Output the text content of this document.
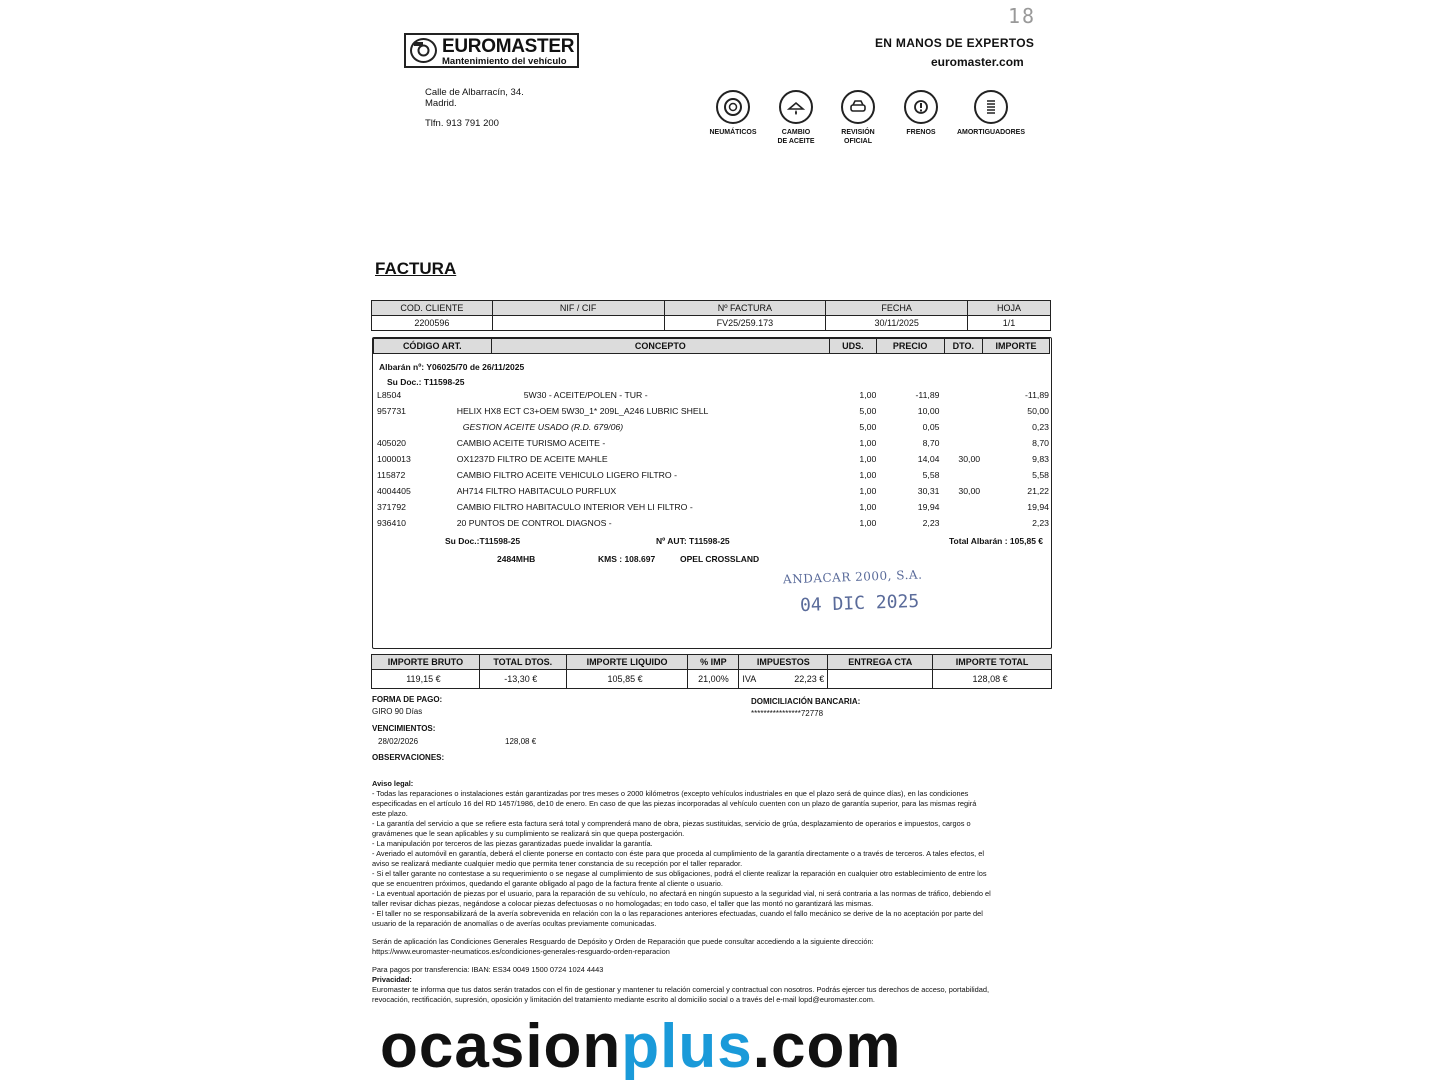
18
EUROMASTER
Mantenimiento del vehículo
EN MANOS DE EXPERTOS
euromaster.com
Calle de Albarracín, 34.
Madrid.
Tlfn. 913 791 200
NEUMÁTICOS	CAMBIO
DE ACEITE
REVISIÓN
OFICIAL
FRENOS	AMORTIGUADORES
FACTURA
COD. CLIENTE	NIF / CIF	Nº FACTURA	FECHA	HOJA
2200596		FV25/259.173	30/11/2025	1/1
CÓDIGO ART.	CONCEPTO	UDS.	PRECIO	DTO.	IMPORTE
Albarán nº: Y06025/70 de 26/11/2025
Su Doc.: T11598-25
L8504	5W30 - ACEITE/POLEN - TUR -	1,00	-11,89		-11,89
957731	HELIX HX8 ECT C3+OEM 5W30_1* 209L_A246 LUBRIC SHELL	5,00	10,00		50,00
	GESTION ACEITE USADO (R.D. 679/06)	5,00	0,05		0,23
405020	CAMBIO ACEITE TURISMO ACEITE -	1,00	8,70		8,70
1000013	OX1237D FILTRO DE ACEITE MAHLE	1,00	14,04	30,00	9,83
115872	CAMBIO FILTRO ACEITE VEHICULO LIGERO FILTRO -	1,00	5,58		5,58
4004405	AH714 FILTRO HABITACULO PURFLUX	1,00	30,31	30,00	21,22
371792	CAMBIO FILTRO HABITACULO INTERIOR VEH LI FILTRO -	1,00	19,94		19,94
936410	20 PUNTOS DE CONTROL DIAGNOS -	1,00	2,23		2,23
Su Doc.:T11598-25	Nº AUT: T11598-25	Total Albarán : 105,85 €
2484MHB	KMS : 108.697	OPEL CROSSLAND
ANDACAR 2000, S.A.
04 DIC 2025
IMPORTE BRUTO	TOTAL DTOS.	IMPORTE LIQUIDO	% IMP	IMPUESTOS	ENTREGA CTA	IMPORTE TOTAL
119,15 €	-13,30 €	105,85 €	21,00%	IVA 22,23 €		128,08 €
FORMA DE PAGO:
GIRO 90 Días
DOMICILIACIÓN BANCARIA:
****************72778
VENCIMIENTOS:
28/02/2026	128,08 €
OBSERVACIONES:

Aviso legal:

- Todas las reparaciones o instalaciones están garantizadas por tres meses o 2000 kilómetros (excepto vehículos industriales en que el plazo será de quince días), en las condiciones especificadas en el artículo 16 del RD 1457/1986, de10 de enero. En caso de que las piezas incorporadas al vehículo cuenten con un plazo de garantía superior, para las mismas regirá este plazo.

- La garantía del servicio a que se refiere esta factura será total y comprenderá mano de obra, piezas sustituidas, servicio de grúa, desplazamiento de operarios e impuestos, cargos o gravámenes que le sean aplicables y su cumplimiento se realizará sin que quepa postergación.

- La manipulación por terceros de las piezas garantizadas puede invalidar la garantía.

- Averiado el automóvil en garantía, deberá el cliente ponerse en contacto con éste para que proceda al cumplimiento de la garantía directamente o a través de terceros. A tales efectos, el aviso se realizará mediante cualquier medio que permita tener constancia de su recepción por el taller reparador.

- Si el taller garante no contestase a su requerimiento o se negase al cumplimiento de sus obligaciones, podrá el cliente realizar la reparación en cualquier otro establecimiento de entre los que se encuentren próximos, quedando el garante obligado al pago de la factura frente al cliente o usuario.

- La eventual aportación de piezas por el usuario, para la reparación de su vehículo, no afectará en ningún supuesto a la seguridad vial, ni será contraria a las normas de tráfico, debiendo el taller revisar dichas piezas, negándose a colocar piezas defectuosas o no homologadas; en todo caso, el taller que las montó no garantizará las mismas.

- El taller no se responsabilizará de la avería sobrevenida en relación con la o las reparaciones anteriores efectuadas, cuando el fallo mecánico se derive de la no aceptación por parte del usuario de la reparación de anomalías o de averías ocultas previamente comunicadas.

Serán de aplicación las Condiciones Generales Resguardo de Depósito y Orden de Reparación que puede consultar accediendo a la siguiente dirección:

https://www.euromaster-neumaticos.es/condiciones-generales-resguardo-orden-reparacion

Para pagos por transferencia: IBAN: ES34 0049 1500 0724 1024 4443

Privacidad:

Euromaster te informa que tus datos serán tratados con el fin de gestionar y mantener tu relación comercial y contractual con nosotros. Podrás ejercer tus derechos de acceso, portabilidad, revocación, rectificación, supresión, oposición y limitación del tratamiento mediante escrito al domicilio social o a través del e-mail lopd@euromaster.com.

ocasionplus.com
